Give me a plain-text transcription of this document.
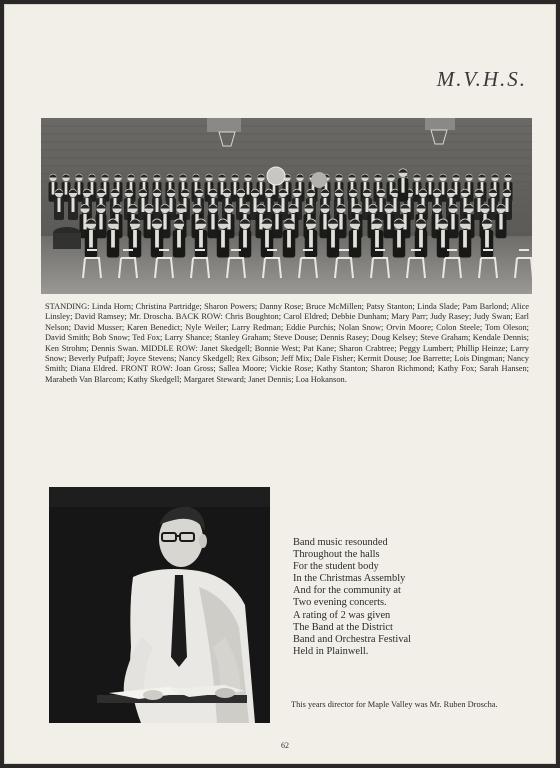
M.V.H.S.
STANDING: Linda Horn; Christina Partridge; Sharon Powers; Danny Rose; Bruce McMillen; Patsy Stanton; Linda Slade; Pam Barlond; Alice Linsley; David Ramsey; Mr. Droscha. BACK ROW: Chris Boughton; Carol Eldred; Debbie Dunham; Mary Parr; Judy Rasey; Judy Swan; Earl Nelson; David Musser; Karen Benedict; Nyle Weiler; Larry Redman; Eddie Purchis; Nolan Snow; Orvin Moore; Colon Steele; Tom Oleson; David Smith; Bob Snow; Ted Fox; Larry Shance; Stanley Graham; Steve Douse; Dennis Rasey; Doug Kelsey; Steve Graham; Kendale Dennis; Ken Strohm; Dennis Swan. MIDDLE ROW: Janet Skedgell; Bonnie West; Pat Kane; Sharon Crabtree; Peggy Lumbert; Phillip Heinze; Larry Snow; Beverly Pufpaff; Joyce Stevens; Nancy Skedgell; Rex Gibson; Jeff Mix; Dale Fisher; Kermit Douse; Joe Barrette; Lois Dingman; Nancy Smith; Diana Eldred. FRONT ROW: Joan Gross; Sallea Moore; Vickie Rose; Kathy Stanton; Sharon Richmond; Kathy Fox; Sarah Hansen; Marabeth Van Blarcom; Kathy Skedgell; Margaret Steward; Janet Dennis; Loa Hokanson.
Band music resounded
Throughout the halls
For the student body
In the Christmas Assembly
And for the community at
Two evening concerts.
A rating of 2 was given
The Band at the District
Band and Orchestra Festival
Held in Plainwell.
This years director for Maple Valley was Mr. Ruben Droscha.
62
